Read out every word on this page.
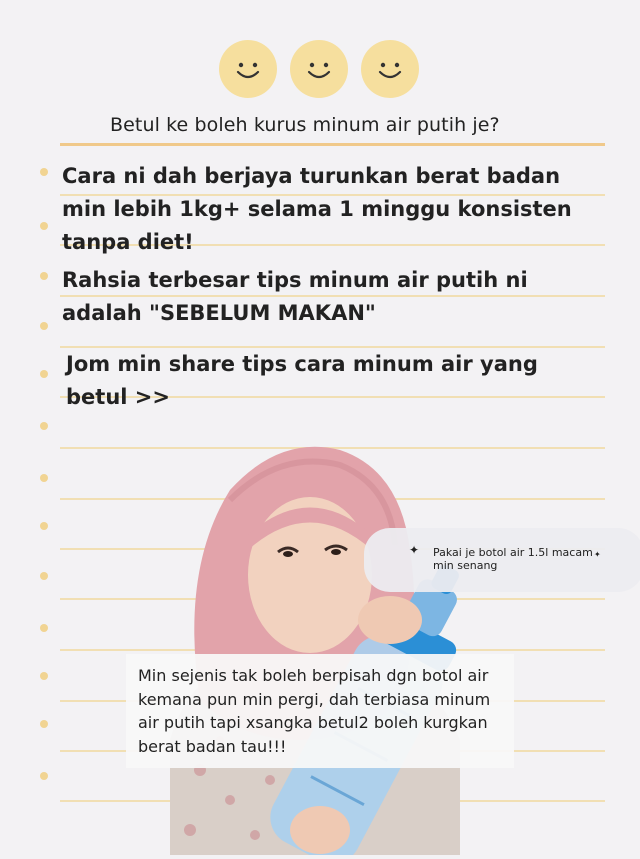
Betul ke boleh kurus minum air putih je?
Cara ni dah berjaya turunkan berat badan min lebih 1kg+ selama 1 minggu konsisten tanpa diet!
Rahsia terbesar tips minum air putih ni adalah "SEBELUM MAKAN"
Jom min share tips cara minum air yang betul >>
✦	✦
Pakai je botol air 1.5l macam min senang
Min sejenis tak boleh berpisah dgn botol air kemana pun min pergi, dah terbiasa minum air putih tapi xsangka betul2 boleh kurgkan berat badan tau!!!
